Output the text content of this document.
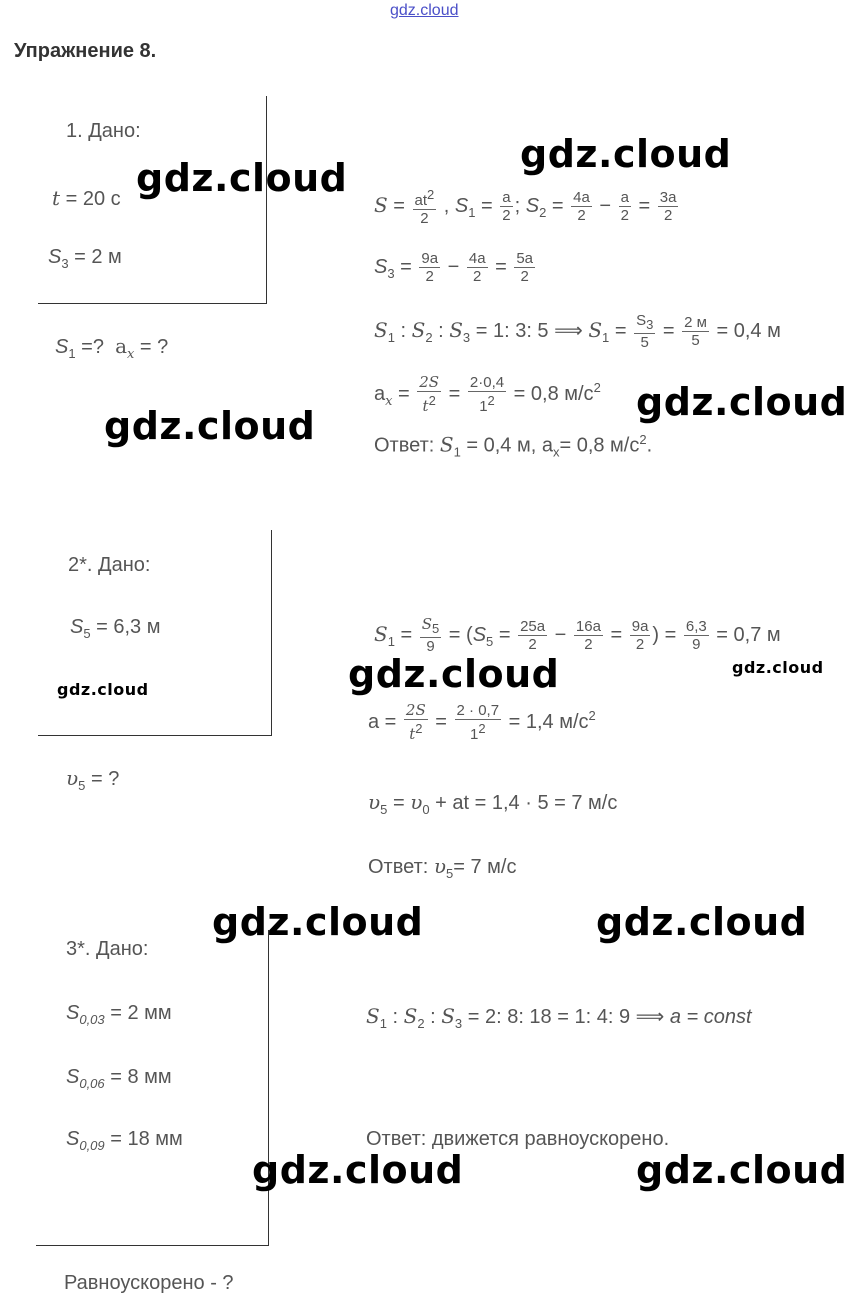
gdz.cloud
Упражнение 8.
1. Дано:
t = 20 с
$S_3 = 2$ м
$S_1$ =? $a_x$ = ?
$S = \frac{at^2}{2}$ , $S_1 = \frac{a}{2}$ ; $S_2 = \frac{4a}{2} - \frac{a}{2} = \frac{3a}{2}$
$S_3 = \frac{9a}{2} - \frac{4a}{2} = \frac{5a}{2}$
$S_1$ : $S_2$ : $S_3 = 1$: 3: 5 ⟹ $S_1 = \frac{S_3}{5} = \frac{2 м}{5} = 0,4$ м
$a_x = \frac{2S}{t^2} = \frac{2\cdot 0,4}{1^2} = 0,8$ $м/с^2$
Ответ: $S_1 = 0,4$ м, $a_x= 0,8$ $м/с^2$.
2*. Дано:
$S_5 = 6,3$ м
$\upsilon_5$ = ?
$S_1 = \frac{S_5}{9} = (S_5 = \frac{25a}{2} - \frac{16a}{2} = \frac{9a}{2}$ ) = $\frac{6,3}{9} = 0,7$ м
$a = \frac{2S}{t^2} = \frac{2 \cdot 0,7}{1^2} = 1,4$ $м/с^2$
$\upsilon_5 = \upsilon_0$ + at = 1,4 · 5 = 7 м/с
Ответ: $\upsilon_5= 7$ м/с
3*. Дано:
$S_{0,03} = 2$ мм
$S_{0,06} = 8$ мм
$S_{0,09} = 18$ мм
Равноускорено - ?
$S_1$ : $S_2$ : $S_3 = 2$: 8: 18 = 1: 4: 9 ⟹ a = const
Ответ: движется равноускорено.
gdz.cloud
gdz.cloud
gdz.cloud
gdz.cloud
gdz.cloud
gdz.cloud
gdz.cloud
gdz.cloud	gdz.cloud
gdz.cloud	gdz.cloud
